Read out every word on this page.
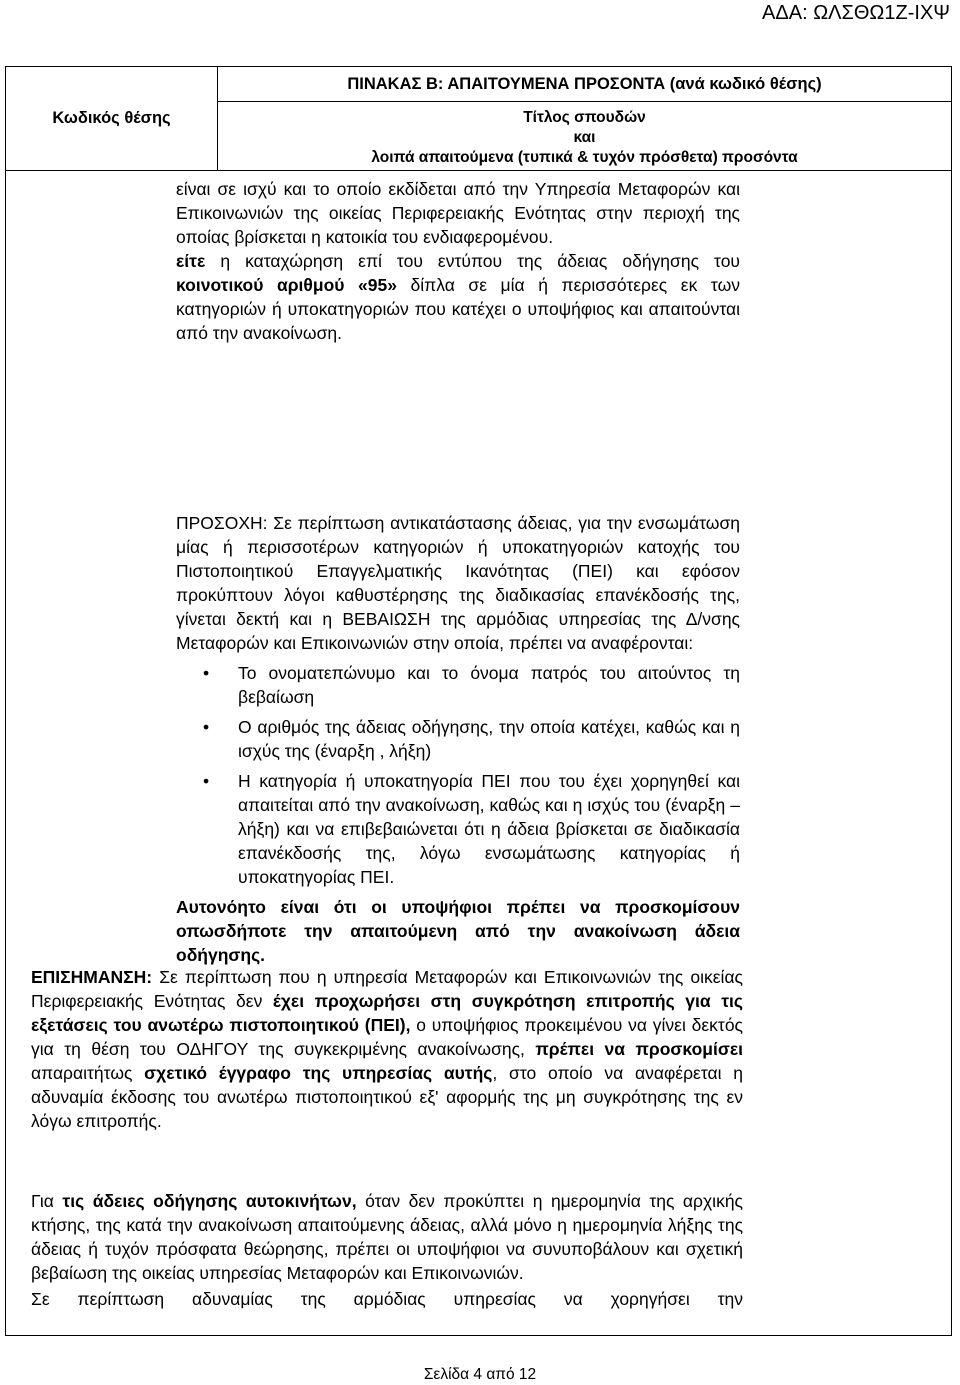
ΑΔΑ: ΩΛΣΘΩ1Ζ-ΙΧΨ
Κωδικός θέσης	
ΠΙΝΑΚΑΣ Β: ΑΠΑΙΤΟΥΜΕΝΑ ΠΡΟΣΟΝΤΑ (ανά κωδικό θέσης)

Τίτλος σπουδών
και
λοιπά απαιτούμενα (τυπικά & τυχόν πρόσθετα) προσόντα

είναι σε ισχύ και το οποίο εκδίδεται από την Υπηρεσία Μεταφορών και Επικοινωνιών της οικείας Περιφερειακής Ενότητας στην περιοχή της οποίας βρίσκεται η κατοικία του ενδιαφερομένου.

είτε η καταχώρηση επί του εντύπου της άδειας οδήγησης του κοινοτικού αριθμού «95» δίπλα σε μία ή περισσότερες εκ των κατηγοριών ή υποκατηγοριών που κατέχει ο υποψήφιος και απαιτούνται από την ανακοίνωση.

ΠΡΟΣΟΧΗ: Σε περίπτωση αντικατάστασης άδειας, για την ενσωμάτωση μίας ή περισσοτέρων κατηγοριών ή υποκατηγοριών κατοχής του Πιστοποιητικού Επαγγελματικής Ικανότητας (ΠΕΙ) και εφόσον προκύπτουν λόγοι καθυστέρησης της διαδικασίας επανέκδοσής της, γίνεται δεκτή και η ΒΕΒΑΙΩΣΗ της αρμόδιας υπηρεσίας της Δ/νσης Μεταφορών και Επικοινωνιών στην οποία, πρέπει να αναφέρονται:

• Το ονοματεπώνυμο και το όνομα πατρός του αιτούντος τη βεβαίωση

• Ο αριθμός της άδειας οδήγησης, την οποία κατέχει, καθώς και η ισχύς της (έναρξη , λήξη)

• Η κατηγορία ή υποκατηγορία ΠΕΙ που του έχει χορηγηθεί και απαιτείται από την ανακοίνωση, καθώς και η ισχύς του (έναρξη –λήξη) και να επιβεβαιώνεται ότι η άδεια βρίσκεται σε διαδικασία επανέκδοσής της, λόγω ενσωμάτωσης κατηγορίας ή υποκατηγορίας ΠΕΙ.

Αυτονόητο είναι ότι οι υποψήφιοι πρέπει να προσκομίσουν οπωσδήποτε την απαιτούμενη από την ανακοίνωση άδεια οδήγησης.

ΕΠΙΣΗΜΑΝΣΗ: Σε περίπτωση που η υπηρεσία Μεταφορών και Επικοινωνιών της οικείας Περιφερειακής Ενότητας δεν έχει προχωρήσει στη συγκρότηση επιτροπής για τις εξετάσεις του ανωτέρω πιστοποιητικού (ΠΕΙ), ο υποψήφιος προκειμένου να γίνει δεκτός για τη θέση του ΟΔΗΓΟΥ της συγκεκριμένης ανακοίνωσης, πρέπει να προσκομίσει απαραιτήτως σχετικό έγγραφο της υπηρεσίας αυτής, στο οποίο να αναφέρεται η αδυναμία έκδοσης του ανωτέρω πιστοποιητικού εξ' αφορμής της μη συγκρότησης της εν λόγω επιτροπής.

Για τις άδειες οδήγησης αυτοκινήτων, όταν δεν προκύπτει η ημερομηνία της αρχικής κτήσης, της κατά την ανακοίνωση απαιτούμενης άδειας, αλλά μόνο η ημερομηνία λήξης της άδειας ή τυχόν πρόσφατα θεώρησης, πρέπει οι υποψήφιοι να συνυποβάλουν και σχετική βεβαίωση της οικείας υπηρεσίας Μεταφορών και Επικοινωνιών.

Σε περίπτωση αδυναμίας της αρμόδιας υπηρεσίας να χορηγήσει την

Σελίδα 4 από 12
